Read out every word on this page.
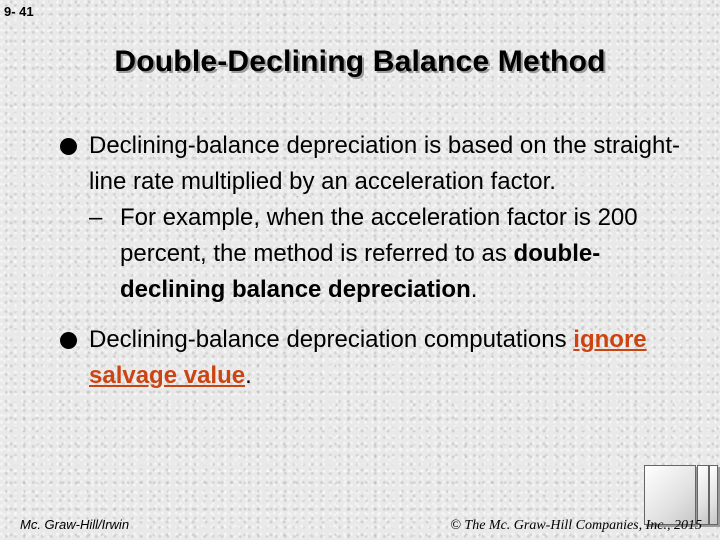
9- 41
Double-Declining Balance Method
Declining-balance depreciation is based on the straight-line rate multiplied by an acceleration factor.
– For example, when the acceleration factor is 200 percent, the method is referred to as double-declining balance depreciation.
Declining-balance depreciation computations ignore salvage value.
Mc. Graw-Hill/Irwin	© The Mc. Graw-Hill Companies, Inc., 2015
